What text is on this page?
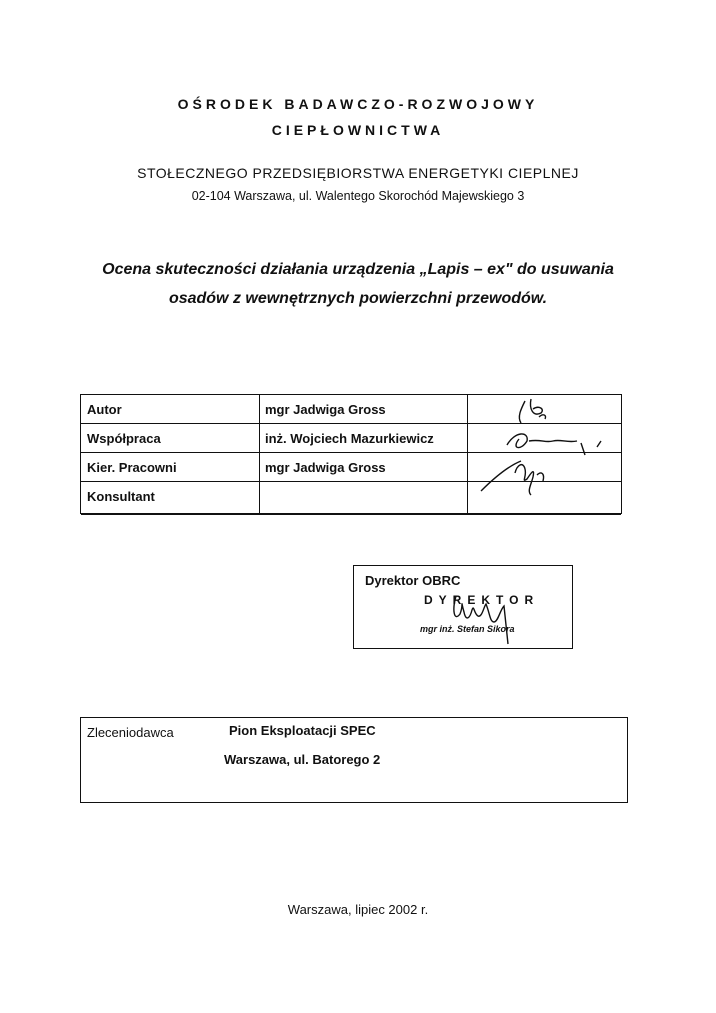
OŚRODEK BADAWCZO-ROZWOJOWY
CIEPŁOWNICTWA
STOŁECZNEGO PRZEDSIĘBIORSTWA ENERGETYKI CIEPLNEJ
02-104 Warszawa, ul. Walentego Skorochód Majewskiego 3
Ocena skuteczności działania urządzenia „Lapis – ex" do usuwania
osadów z wewnętrznych powierzchni przewodów.
Autor	mgr Jadwiga Gross
Współpraca	inż. Wojciech Mazurkiewicz
Kier. Pracowni	mgr Jadwiga Gross
Konsultant
Dyrektor OBRC
DYREKTOR
mgr inż. Stefan Sikora
Zleceniodawca	Pion Eksploatacji SPEC
Warszawa, ul. Batorego 2
Warszawa, lipiec 2002 r.
